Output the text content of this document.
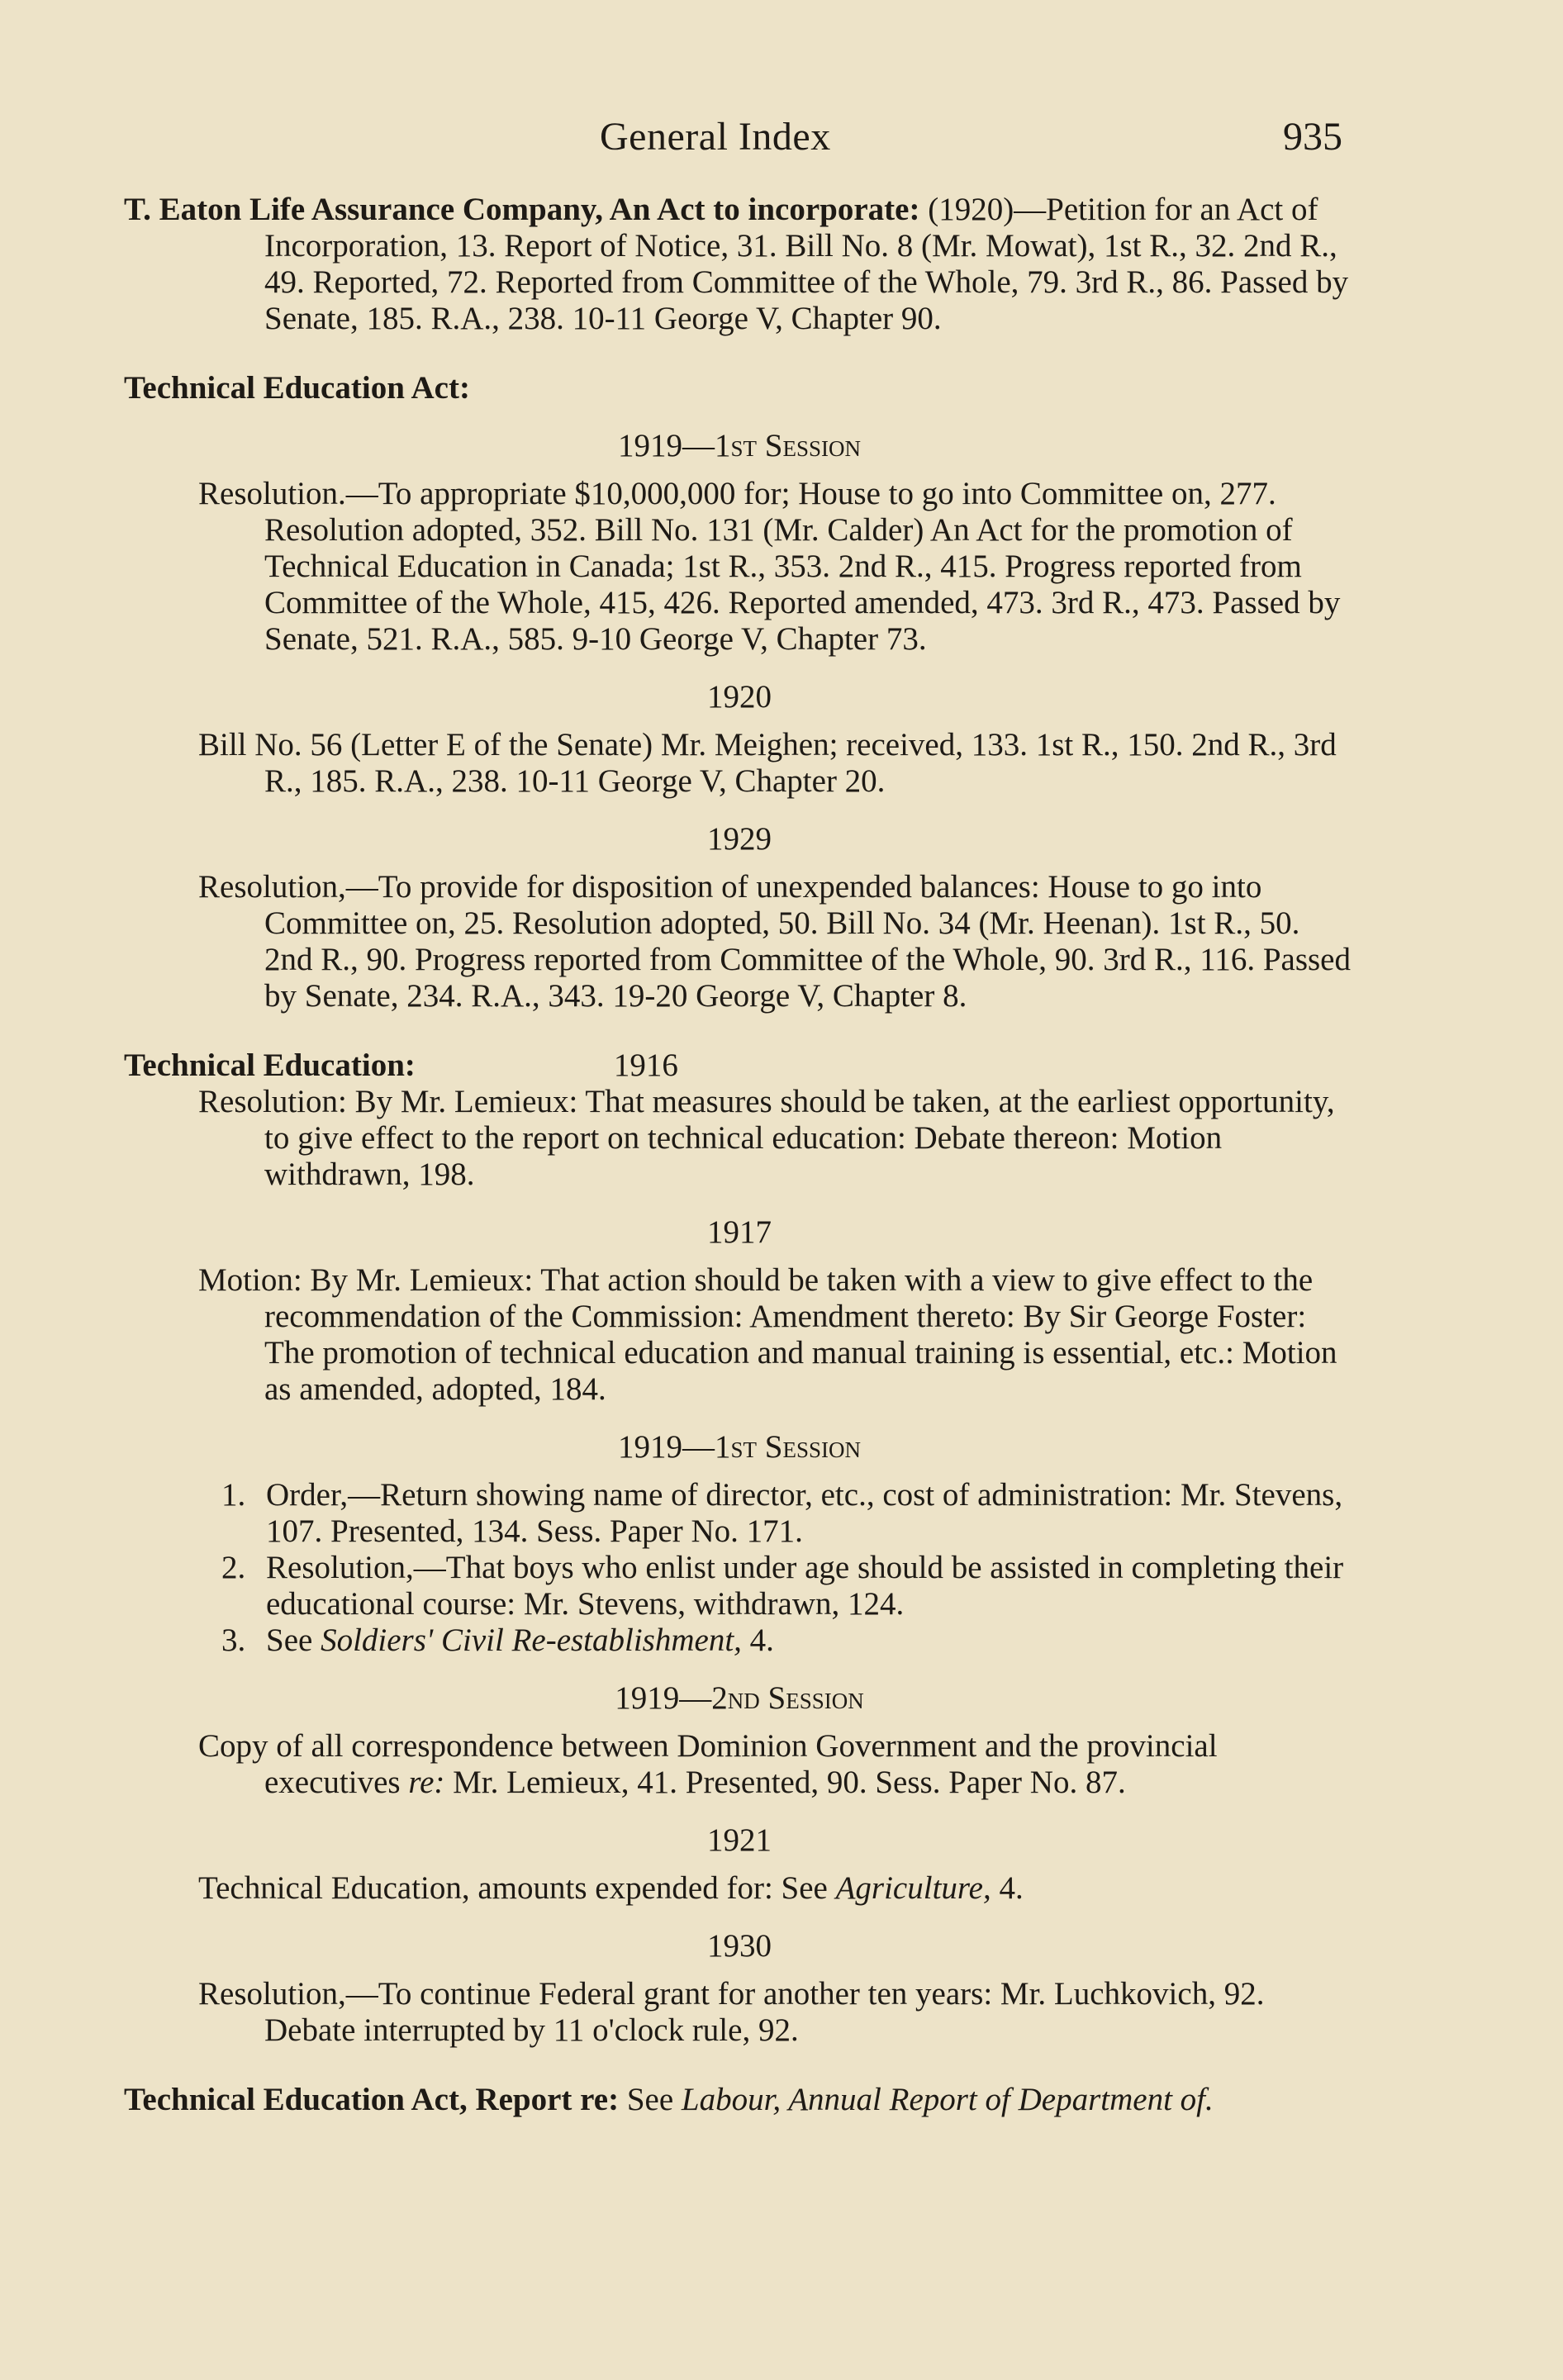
General Index	935

T. Eaton Life Assurance Company, An Act to incorporate: (1920)—Petition for an Act of Incorporation, 13. Report of Notice, 31. Bill No. 8 (Mr. Mowat), 1st R., 32. 2nd R., 49. Reported, 72. Reported from Committee of the Whole, 79. 3rd R., 86. Passed by Senate, 185. R.A., 238. 10-11 George V, Chapter 90.

Technical Education Act:
1919—1st Session

Resolution.—To appropriate $10,000,000 for; House to go into Committee on, 277. Resolution adopted, 352. Bill No. 131 (Mr. Calder) An Act for the promotion of Technical Education in Canada; 1st R., 353. 2nd R., 415. Progress reported from Committee of the Whole, 415, 426. Reported amended, 473. 3rd R., 473. Passed by Senate, 521. R.A., 585. 9-10 George V, Chapter 73.

1920

Bill No. 56 (Letter E of the Senate) Mr. Meighen; received, 133. 1st R., 150. 2nd R., 3rd R., 185. R.A., 238. 10-11 George V, Chapter 20.

1929

Resolution,—To provide for disposition of unexpended balances: House to go into Committee on, 25. Resolution adopted, 50. Bill No. 34 (Mr. Heenan). 1st R., 50. 2nd R., 90. Progress reported from Committee of the Whole, 90. 3rd R., 116. Passed by Senate, 234. R.A., 343. 19-20 George V, Chapter 8.

Technical Education:	1916

Resolution: By Mr. Lemieux: That measures should be taken, at the earliest opportunity, to give effect to the report on technical education: Debate thereon: Motion withdrawn, 198.

1917

Motion: By Mr. Lemieux: That action should be taken with a view to give effect to the recommendation of the Commission: Amendment thereto: By Sir George Foster: The promotion of technical education and manual training is essential, etc.: Motion as amended, adopted, 184.

1919—1st Session
1. Order,—Return showing name of director, etc., cost of administration: Mr. Stevens, 107. Presented, 134. Sess. Paper No. 171.
2. Resolution,—That boys who enlist under age should be assisted in completing their educational course: Mr. Stevens, withdrawn, 124.
3. See Soldiers' Civil Re-establishment, 4.
1919—2nd Session

Copy of all correspondence between Dominion Government and the provincial executives re: Mr. Lemieux, 41. Presented, 90. Sess. Paper No. 87.

1921

Technical Education, amounts expended for: See Agriculture, 4.

1930

Resolution,—To continue Federal grant for another ten years: Mr. Luchkovich, 92. Debate interrupted by 11 o'clock rule, 92.

Technical Education Act, Report re: See Labour, Annual Report of Department of.
